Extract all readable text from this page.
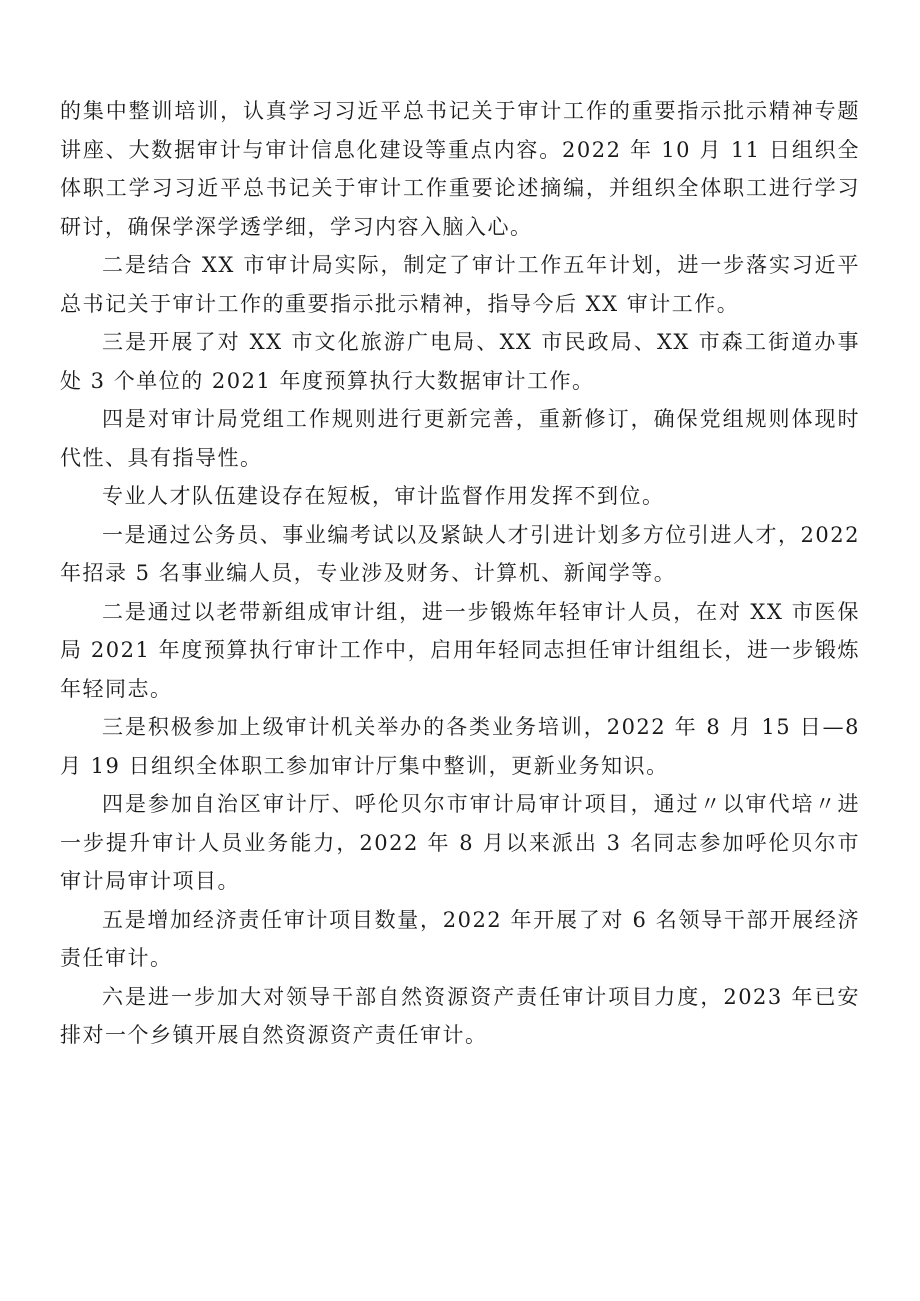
的集中整训培训，认真学习习近平总书记关于审计工作的重要指示批示精神专题讲座、大数据审计与审计信息化建设等重点内容。2022 年 10 月 11 日组织全体职工学习习近平总书记关于审计工作重要论述摘编，并组织全体职工进行学习研讨，确保学深学透学细，学习内容入脑入心。

二是结合 XX 市审计局实际，制定了审计工作五年计划，进一步落实习近平总书记关于审计工作的重要指示批示精神，指导今后 XX 审计工作。

三是开展了对 XX 市文化旅游广电局、XX 市民政局、XX 市森工街道办事处 3 个单位的 2021 年度预算执行大数据审计工作。

四是对审计局党组工作规则进行更新完善，重新修订，确保党组规则体现时代性、具有指导性。

专业人才队伍建设存在短板，审计监督作用发挥不到位。

一是通过公务员、事业编考试以及紧缺人才引进计划多方位引进人才，2022 年招录 5 名事业编人员，专业涉及财务、计算机、新闻学等。

二是通过以老带新组成审计组，进一步锻炼年轻审计人员，在对 XX 市医保局 2021 年度预算执行审计工作中，启用年轻同志担任审计组组长，进一步锻炼年轻同志。

三是积极参加上级审计机关举办的各类业务培训，2022 年 8 月 15 日—8 月 19 日组织全体职工参加审计厅集中整训，更新业务知识。

四是参加自治区审计厅、呼伦贝尔市审计局审计项目，通过〃以审代培〃进一步提升审计人员业务能力，2022 年 8 月以来派出 3 名同志参加呼伦贝尔市审计局审计项目。

五是增加经济责任审计项目数量，2022 年开展了对 6 名领导干部开展经济责任审计。

六是进一步加大对领导干部自然资源资产责任审计项目力度，2023 年已安排对一个乡镇开展自然资源资产责任审计。
